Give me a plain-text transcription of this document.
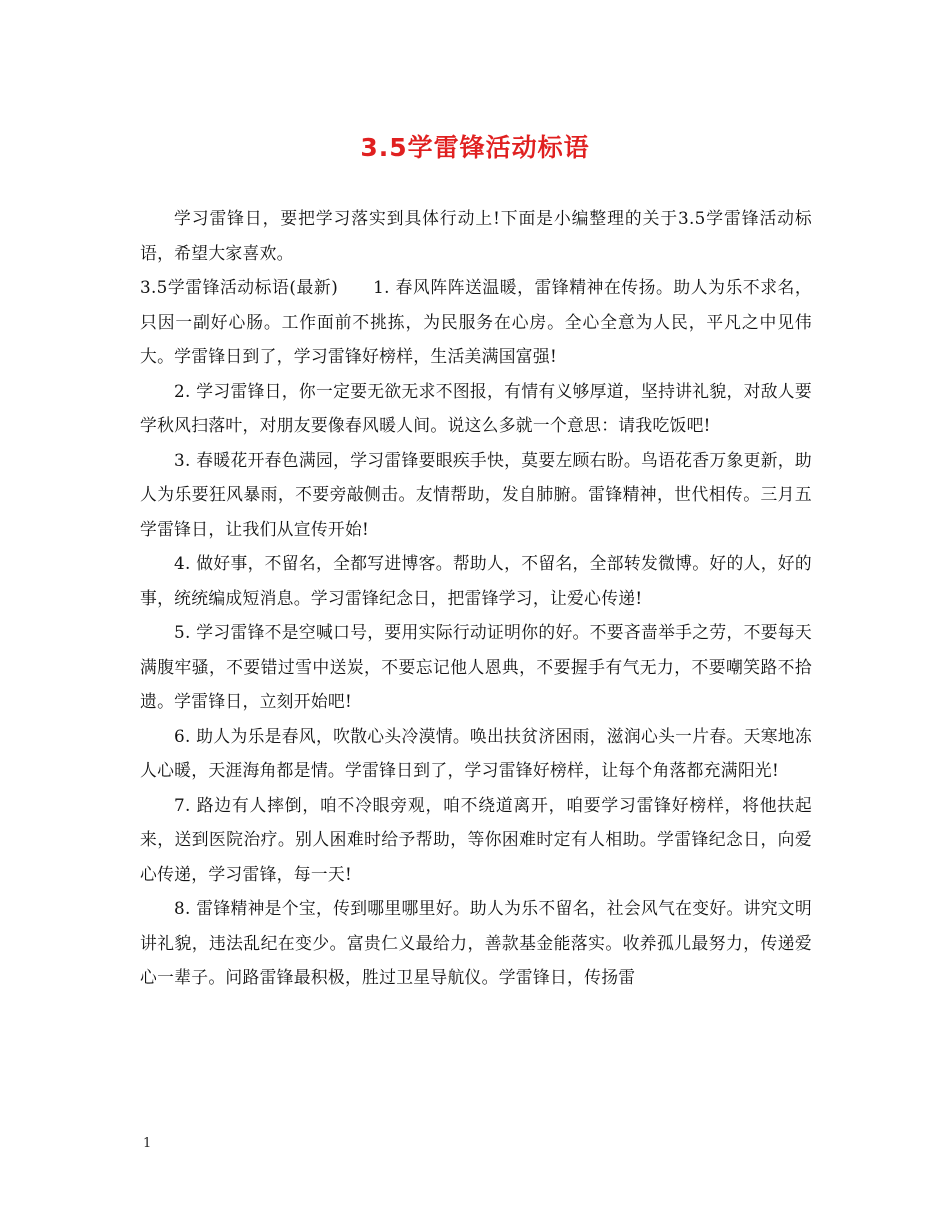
3.5学雷锋活动标语

学习雷锋日，要把学习落实到具体行动上!下面是小编整理的关于3.5学雷锋活动标语，希望大家喜欢。

3.5学雷锋活动标语(最新)　　1. 春风阵阵送温暖，雷锋精神在传扬。助人为乐不求名，只因一副好心肠。工作面前不挑拣，为民服务在心房。全心全意为人民，平凡之中见伟大。学雷锋日到了，学习雷锋好榜样，生活美满国富强!

2. 学习雷锋日，你一定要无欲无求不图报，有情有义够厚道，坚持讲礼貌，对敌人要学秋风扫落叶，对朋友要像春风暖人间。说这么多就一个意思：请我吃饭吧!

3. 春暖花开春色满园，学习雷锋要眼疾手快，莫要左顾右盼。鸟语花香万象更新，助人为乐要狂风暴雨，不要旁敲侧击。友情帮助，发自肺腑。雷锋精神，世代相传。三月五学雷锋日，让我们从宣传开始!

4. 做好事，不留名，全都写进博客。帮助人，不留名，全部转发微博。好的人，好的事，统统编成短消息。学习雷锋纪念日，把雷锋学习，让爱心传递!

5. 学习雷锋不是空喊口号，要用实际行动证明你的好。不要吝啬举手之劳，不要每天满腹牢骚，不要错过雪中送炭，不要忘记他人恩典，不要握手有气无力，不要嘲笑路不拾遗。学雷锋日，立刻开始吧!

6. 助人为乐是春风，吹散心头冷漠情。唤出扶贫济困雨，滋润心头一片春。天寒地冻人心暖，天涯海角都是情。学雷锋日到了，学习雷锋好榜样，让每个角落都充满阳光!

7. 路边有人摔倒，咱不冷眼旁观，咱不绕道离开，咱要学习雷锋好榜样，将他扶起来，送到医院治疗。别人困难时给予帮助，等你困难时定有人相助。学雷锋纪念日，向爱心传递，学习雷锋，每一天!

8. 雷锋精神是个宝，传到哪里哪里好。助人为乐不留名，社会风气在变好。讲究文明讲礼貌，违法乱纪在变少。富贵仁义最给力，善款基金能落实。收养孤儿最努力，传递爱心一辈子。问路雷锋最积极，胜过卫星导航仪。学雷锋日，传扬雷

1
